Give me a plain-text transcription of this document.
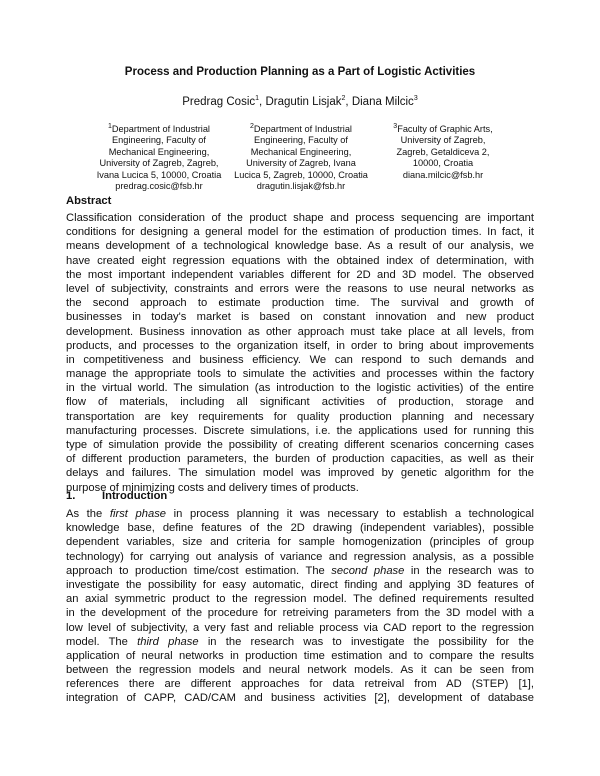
Process and Production Planning as a Part of Logistic Activities
Predrag Cosic$^1$, Dragutin Lisjak$^2$, Diana Milcic$^3$
$^1$Department of Industrial
Engineering, Faculty of
Mechanical Engineering,
University of Zagreb, Zagreb,
Ivana Lucica 5, 10000, Croatia
predrag.cosic@fsb.hr
$^2$Department of Industrial
Engineering, Faculty of
Mechanical Engineering,
University of Zagreb, Ivana
Lucica 5, Zagreb, 10000, Croatia
dragutin.lisjak@fsb.hr
$^3$Faculty of Graphic Arts,
University of Zagreb,
Zagreb, Getaldiceva 2,
10000, Croatia
diana.milcic@fsb.hr
Abstract
Classification consideration of the product shape and process sequencing are important
conditions for designing a general model for the estimation of production times. In fact, it
means development of a technological knowledge base. As a result of our analysis, we
have created eight regression equations with the obtained index of determination, with
the most important independent variables different for 2D and 3D model. The observed
level of subjectivity, constraints and errors were the reasons to use neural networks as
the second approach to estimate production time. The survival and growth of
businesses in today's market is based on constant innovation and new product
development. Business innovation as other approach must take place at all levels, from
products, and processes to the organization itself, in order to bring about improvements
in competitiveness and business efficiency. We can respond to such demands and
manage the appropriate tools to simulate the activities and processes within the factory
in the virtual world. The simulation (as introduction to the logistic activities) of the entire
flow of materials, including all significant activities of production, storage and
transportation are key requirements for quality production planning and necessary
manufacturing processes. Discrete simulations, i.e. the applications used for running this
type of simulation provide the possibility of creating different scenarios concerning cases
of different production parameters, the burden of production capacities, as well as their
delays and failures. The simulation model was improved by genetic algorithm for the
purpose of minimizing costs and delivery times of products.
1. Introduction
As the first phase in process planning it was necessary to establish a technological
knowledge base, define features of the 2D drawing (independent variables), possible
dependent variables, size and criteria for sample homogenization (principles of group
technology) for carrying out analysis of variance and regression analysis, as a possible
approach to production time/cost estimation. The second phase in the research was to
investigate the possibility for easy automatic, direct finding and applying 3D features of
an axial symmetric product to the regression model. The defined requirements resulted
in the development of the procedure for retreiving parameters from the 3D model with a
low level of subjectivity, a very fast and reliable process via CAD report to the regression
model. The third phase in the research was to investigate the possibility for the
application of neural networks in production time estimation and to compare the results
between the regression models and neural network models. As it can be seen from
references there are different approaches for data retreival from AD (STEP) [1],
integration of CAPP, CAD/CAM and business activities [2], development of database
